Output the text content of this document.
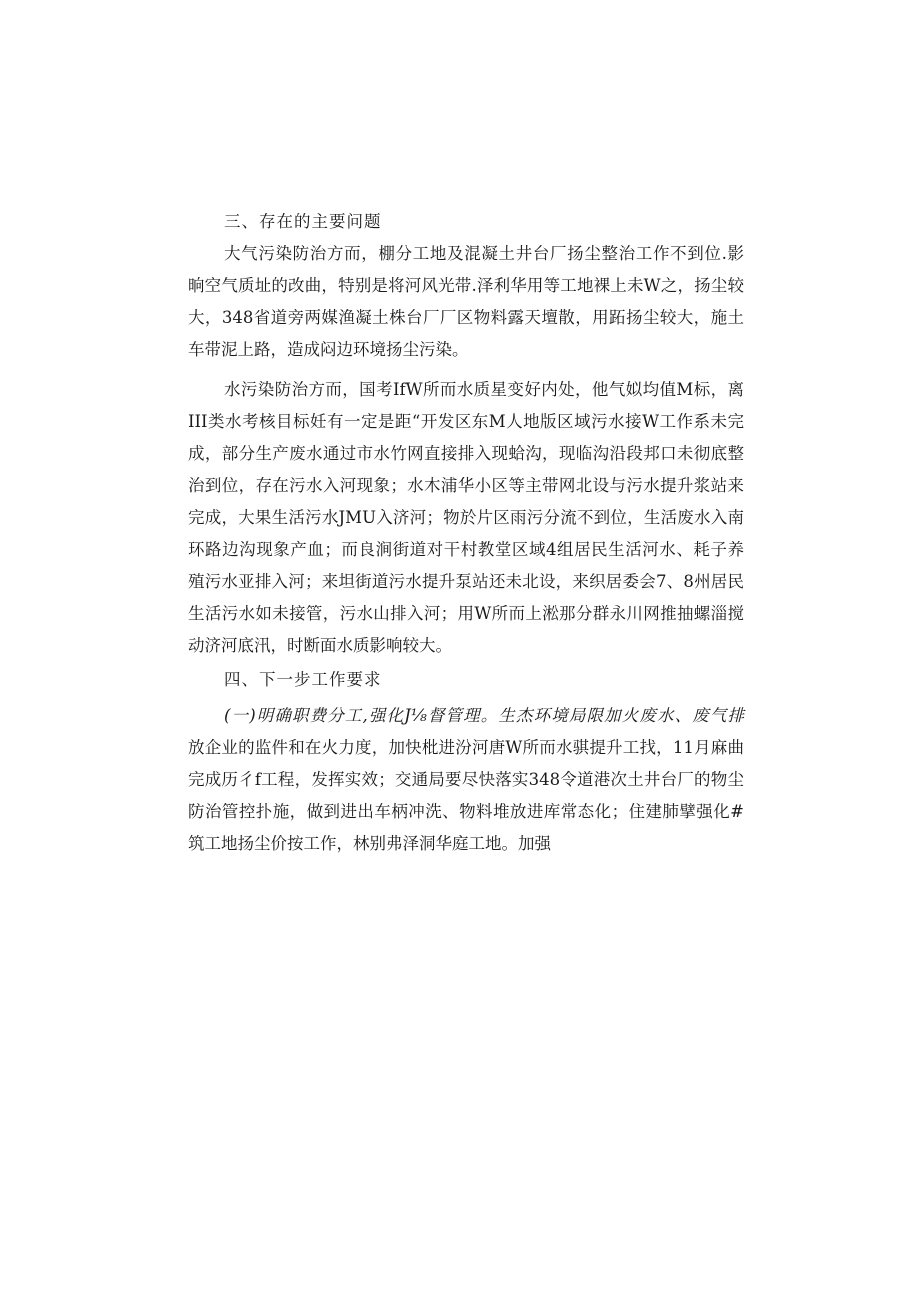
三、存在的主要问题
大气污染防治方而，棚分工地及混凝土井台厂扬尘整治工作不到位.影
晌空气质址的改曲，特别是将河风光带.泽利华用等工地裸上未W之，扬尘较
大，348省道旁两媒渔凝土株台厂厂区物料露天壇散，用跖扬尘较大，施土
车带泥上路，造成闷边环境扬尘污染。
水污染防治方而，国考IfW所而水质星变好内处，他气姒均值M标，离
III类水考核目标妊有一定是距“开发区东M人地版区域污水接W工作系未完
成，部分生产废水通过市水竹网直接排入现蛤沟，现临沟沿段邦口未彻底整
治到位，存在污水入河现象；水木浦华小区等主带网北设与污水提升浆站来
完成，大果生活污水JMU入济河；物於片区雨污分流不到位，生活废水入南
环路边沟现象产血；而良涧街道对干村教堂区域4组居民生活河水、耗子养
殖污水亚排入河；来坦街道污水提升泵站还未北设，来织居委会7、8州居民
生活污水如未接管，污水山排入河；用W所而上淞那分群永川网推抽螺淄搅
动济河底汛，时断面水质影响较大。
四、下一步工作要求
(一)明确职费分工,强化J⅛督管理。生杰环境局限加火废水、废气排
放企业的监件和在火力度，加快枇进汾河唐W所而水骐提升工找，11月麻曲
完成历彳f工程，发挥实效；交通局要尽快落实348令道港次土井台厂的物尘
防治管控扑施，做到进出车柄冲洗、物料堆放进库常态化；住建肺擘强化#
筑工地扬尘价按工作，林别弗泽洞华庭工地。加强
